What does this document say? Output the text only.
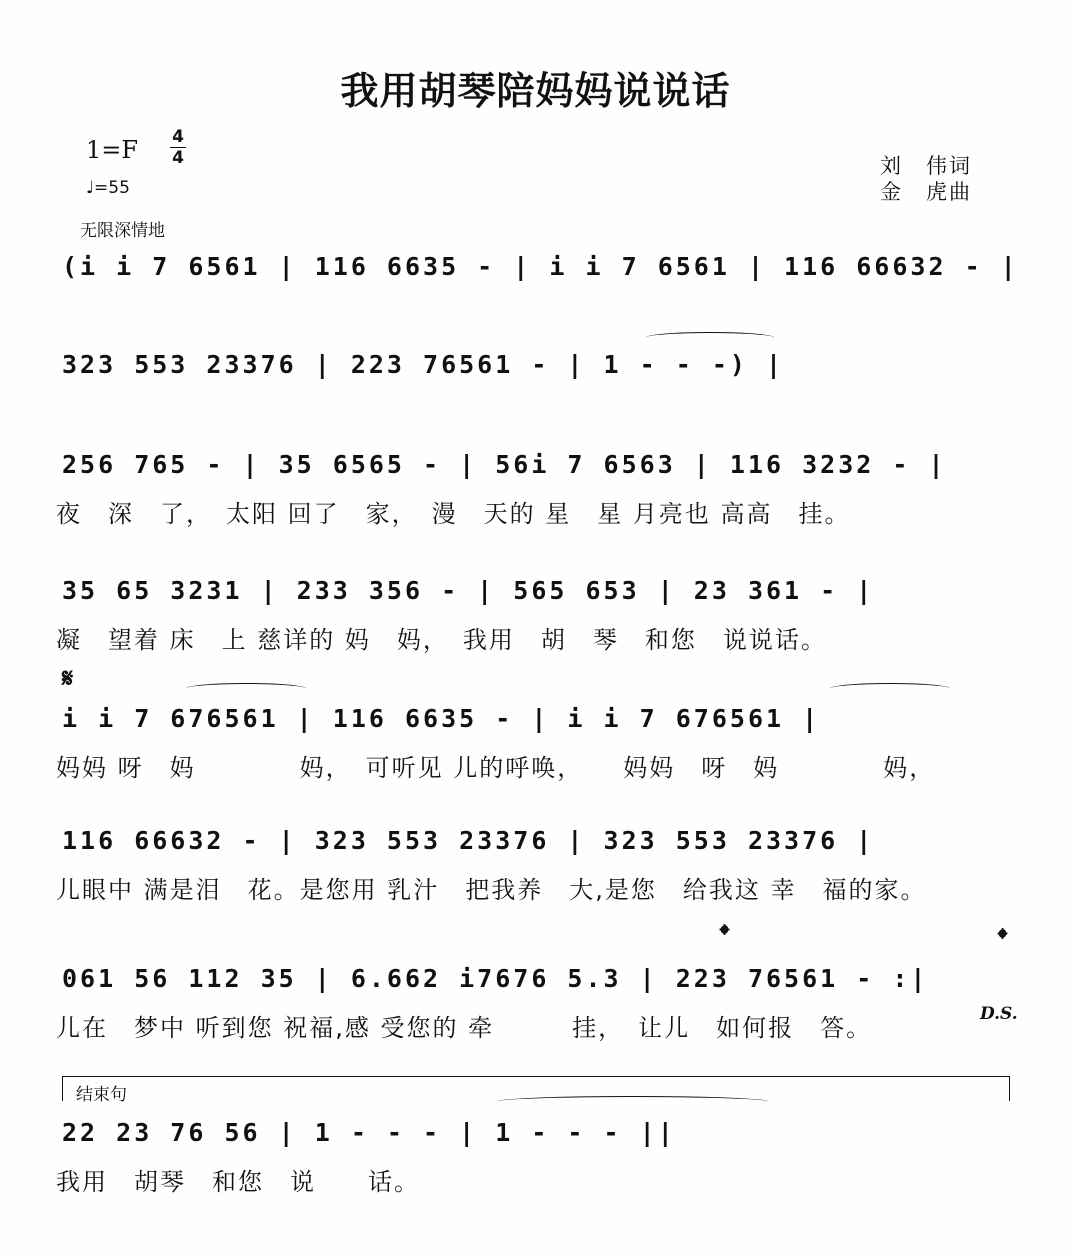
我用胡琴陪妈妈说说话
1=F 4
4
♩=55
无限深情地
刘　伟词
金　虎曲
(i i 7 6561 | 116 6635 - | i i 7 6561 | 116 66632 - |
323 553 23376 | 223 76561 - | 1 - - -) |
256 765 - | 35 6565 - | 56i 7 6563 | 116 3232 - |
夜　深　了，　太阳 回了　家，　漫　天的 星　星 月亮也 高高　挂。
35 65 3231 | 233 356 - | 565 653 | 23 361 - |
凝　望着 床　上 慈详的 妈　妈，　我用　胡　琴　和您　说说话。
𝄋
i i 7 676561 | 116 6635 - | i i 7 676561 |
妈妈 呀　妈　　　　妈，　可听见 儿的呼唤，　　妈妈　呀　妈　　　　妈，
116 66632 - | 323 553 23376 | 323 553 23376 |
儿眼中 满是泪　花。是您用 乳汁　把我养　大,是您　给我这 幸　福的家。
𝄌	𝄌
061 56 112 35 | 6.662 i7676 5.3 | 223 76561 - :|
儿在　梦中 听到您 祝福,感 受您的 牵　　　挂，　让儿　如何报　答。	D.S.
结束句
22 23 76 56 | 1 - - - | 1 - - - ||
我用　胡琴　和您　说　　话。
